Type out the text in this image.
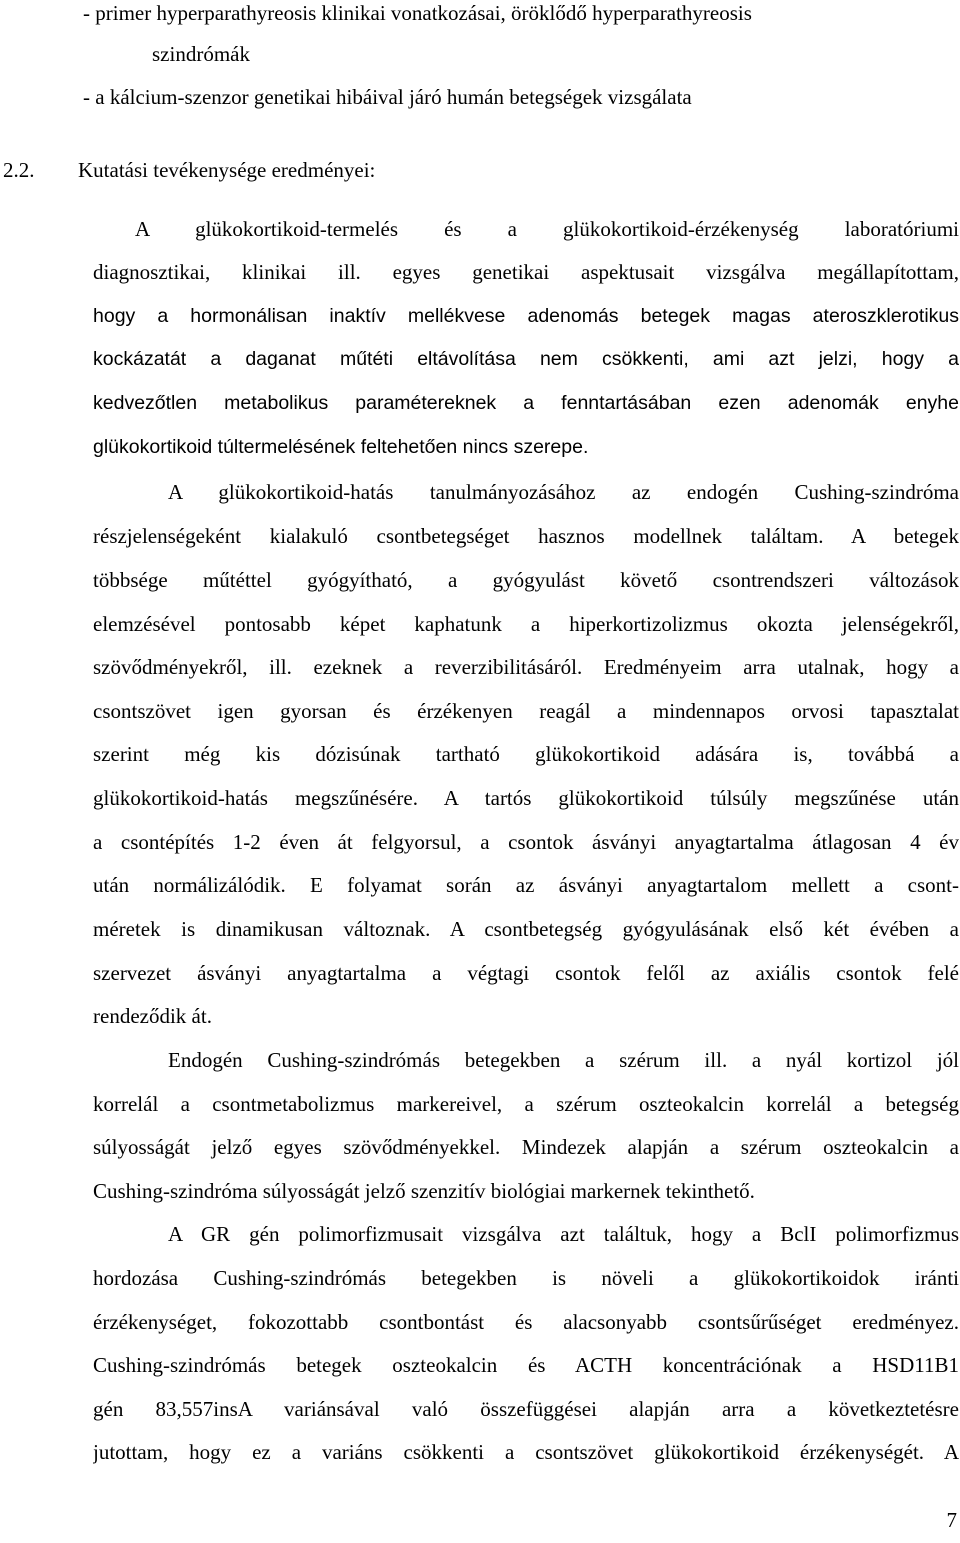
- primer hyperparathyreosis klinikai vonatkozásai, öröklődő hyperparathyreosis
szindrómák
- a kálcium-szenzor genetikai hibáival járó humán betegségek vizsgálata
2.2.	Kutatási tevékenysége eredményei:
A glükokortikoid-termelés és a glükokortikoid-érzékenység laboratóriumi
diagnosztikai, klinikai ill. egyes genetikai aspektusait vizsgálva megállapítottam,
hogy a hormonálisan inaktív mellékvese adenomás betegek magas ateroszklerotikus
kockázatát a daganat műtéti eltávolítása nem csökkenti, ami azt jelzi, hogy a
kedvezőtlen metabolikus paramétereknek a fenntartásában ezen adenomák enyhe
glükokortikoid túltermelésének feltehetően nincs szerepe.
A glükokortikoid-hatás tanulmányozásához az endogén Cushing-szindróma
részjelenségeként kialakuló csontbetegséget hasznos modellnek találtam. A betegek
többsége műtéttel gyógyítható, a gyógyulást követő csontrendszeri változások
elemzésével pontosabb képet kaphatunk a hiperkortizolizmus okozta jelenségekről,
szövődményekről, ill. ezeknek a reverzibilitásáról. Eredményeim arra utalnak, hogy a
csontszövet igen gyorsan és érzékenyen reagál a mindennapos orvosi tapasztalat
szerint még kis dózisúnak tartható glükokortikoid adására is, továbbá a
glükokortikoid-hatás megszűnésére. A tartós glükokortikoid túlsúly megszűnése után
a csontépítés 1-2 éven át felgyorsul, a csontok ásványi anyagtartalma átlagosan 4 év
után normálizálódik. E folyamat során az ásványi anyagtartalom mellett a csont-
méretek is dinamikusan változnak. A csontbetegség gyógyulásának első két évében a
szervezet ásványi anyagtartalma a végtagi csontok felől az axiális csontok felé
rendeződik át.
Endogén Cushing-szindrómás betegekben a szérum ill. a nyál kortizol jól
korrelál a csontmetabolizmus markereivel, a szérum oszteokalcin korrelál a betegség
súlyosságát jelző egyes szövődményekkel. Mindezek alapján a szérum oszteokalcin a
Cushing-szindróma súlyosságát jelző szenzitív biológiai markernek tekinthető.
A GR gén polimorfizmusait vizsgálva azt találtuk, hogy a BclI polimorfizmus
hordozása Cushing-szindrómás betegekben is növeli a glükokortikoidok iránti
érzékenységet, fokozottabb csontbontást és alacsonyabb csontsűrűséget eredményez.
Cushing-szindrómás betegek oszteokalcin és ACTH koncentrációnak a HSD11B1
gén 83,557insA variánsával való összefüggései alapján arra a következtetésre
jutottam, hogy ez a variáns csökkenti a csontszövet glükokortikoid érzékenységét. A
7
